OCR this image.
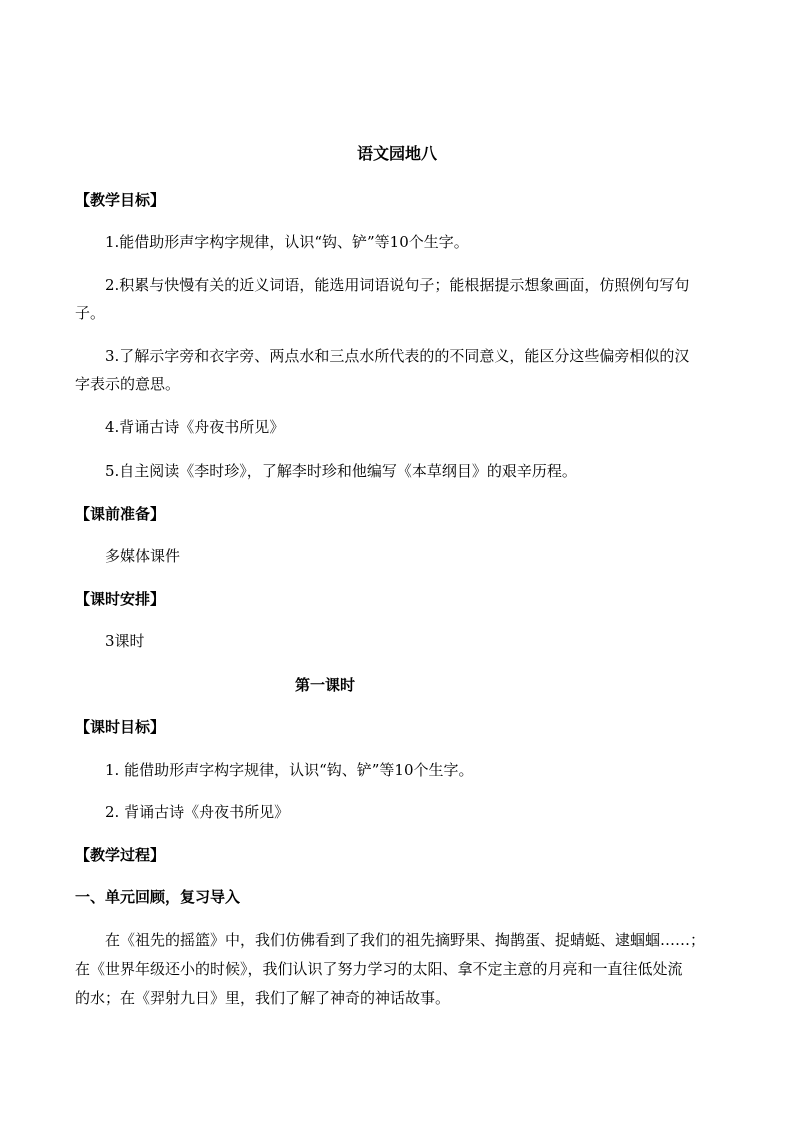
语文园地八
【教学目标】
1.能借助形声字构字规律，认识“钩、铲”等10个生字。
2.积累与快慢有关的近义词语，能选用词语说句子；能根据提示想象画面，仿照例句写句
子。
3.了解示字旁和衣字旁、两点水和三点水所代表的的不同意义，能区分这些偏旁相似的汉
字表示的意思。
4.背诵古诗《舟夜书所见》
5.自主阅读《李时珍》，了解李时珍和他编写《本草纲目》的艰辛历程。
【课前准备】
多媒体课件
【课时安排】
3课时
第一课时
【课时目标】
1. 能借助形声字构字规律，认识“钩、铲”等10个生字。
2. 背诵古诗《舟夜书所见》
【教学过程】
一、单元回顾，复习导入
在《祖先的摇篮》中，我们仿佛看到了我们的祖先摘野果、掏鹊蛋、捉蜻蜓、逮蝈蝈……；
在《世界年级还小的时候》，我们认识了努力学习的太阳、拿不定主意的月亮和一直往低处流
的水；在《羿射九日》里，我们了解了神奇的神话故事。
